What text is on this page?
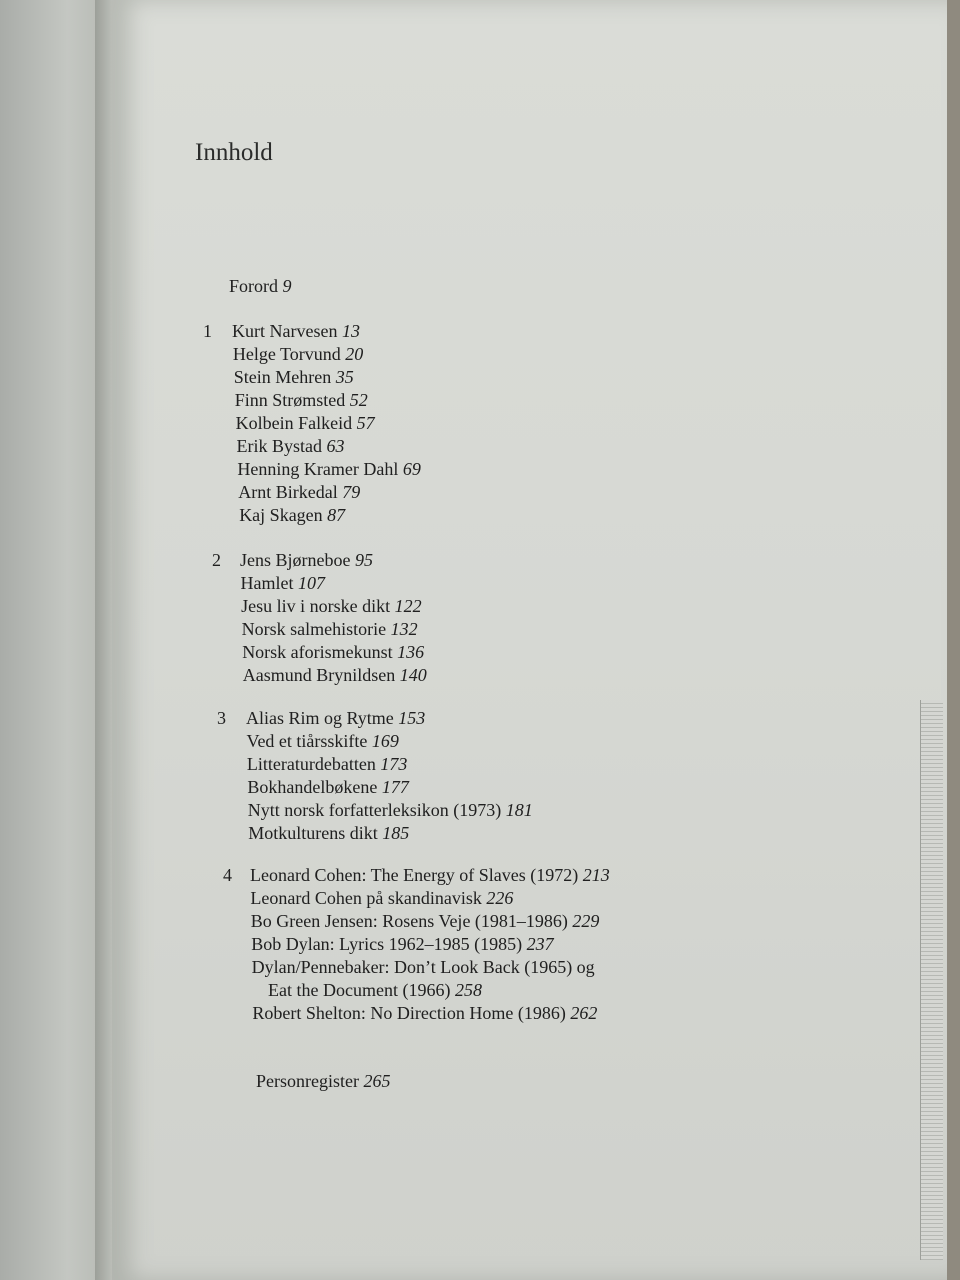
Innhold
Forord 9
1 Kurt Narvesen 13
Helge Torvund 20
Stein Mehren 35
Finn Strømsted 52
Kolbein Falkeid 57
Erik Bystad 63
Henning Kramer Dahl 69
Arnt Birkedal 79
Kaj Skagen 87
2 Jens Bjørneboe 95
Hamlet 107
Jesu liv i norske dikt 122
Norsk salmehistorie 132
Norsk aforismekunst 136
Aasmund Brynildsen 140
3 Alias Rim og Rytme 153
Ved et tiårsskifte 169
Litteraturdebatten 173
Bokhandelbøkene 177
Nytt norsk forfatterleksikon (1973) 181
Motkulturens dikt 185
4 Leonard Cohen: The Energy of Slaves (1972) 213
Leonard Cohen på skandinavisk 226
Bo Green Jensen: Rosens Veje (1981–1986) 229
Bob Dylan: Lyrics 1962–1985 (1985) 237
Dylan/Pennebaker: Don’t Look Back (1965) og
Eat the Document (1966) 258
Robert Shelton: No Direction Home (1986) 262
Personregister 265
